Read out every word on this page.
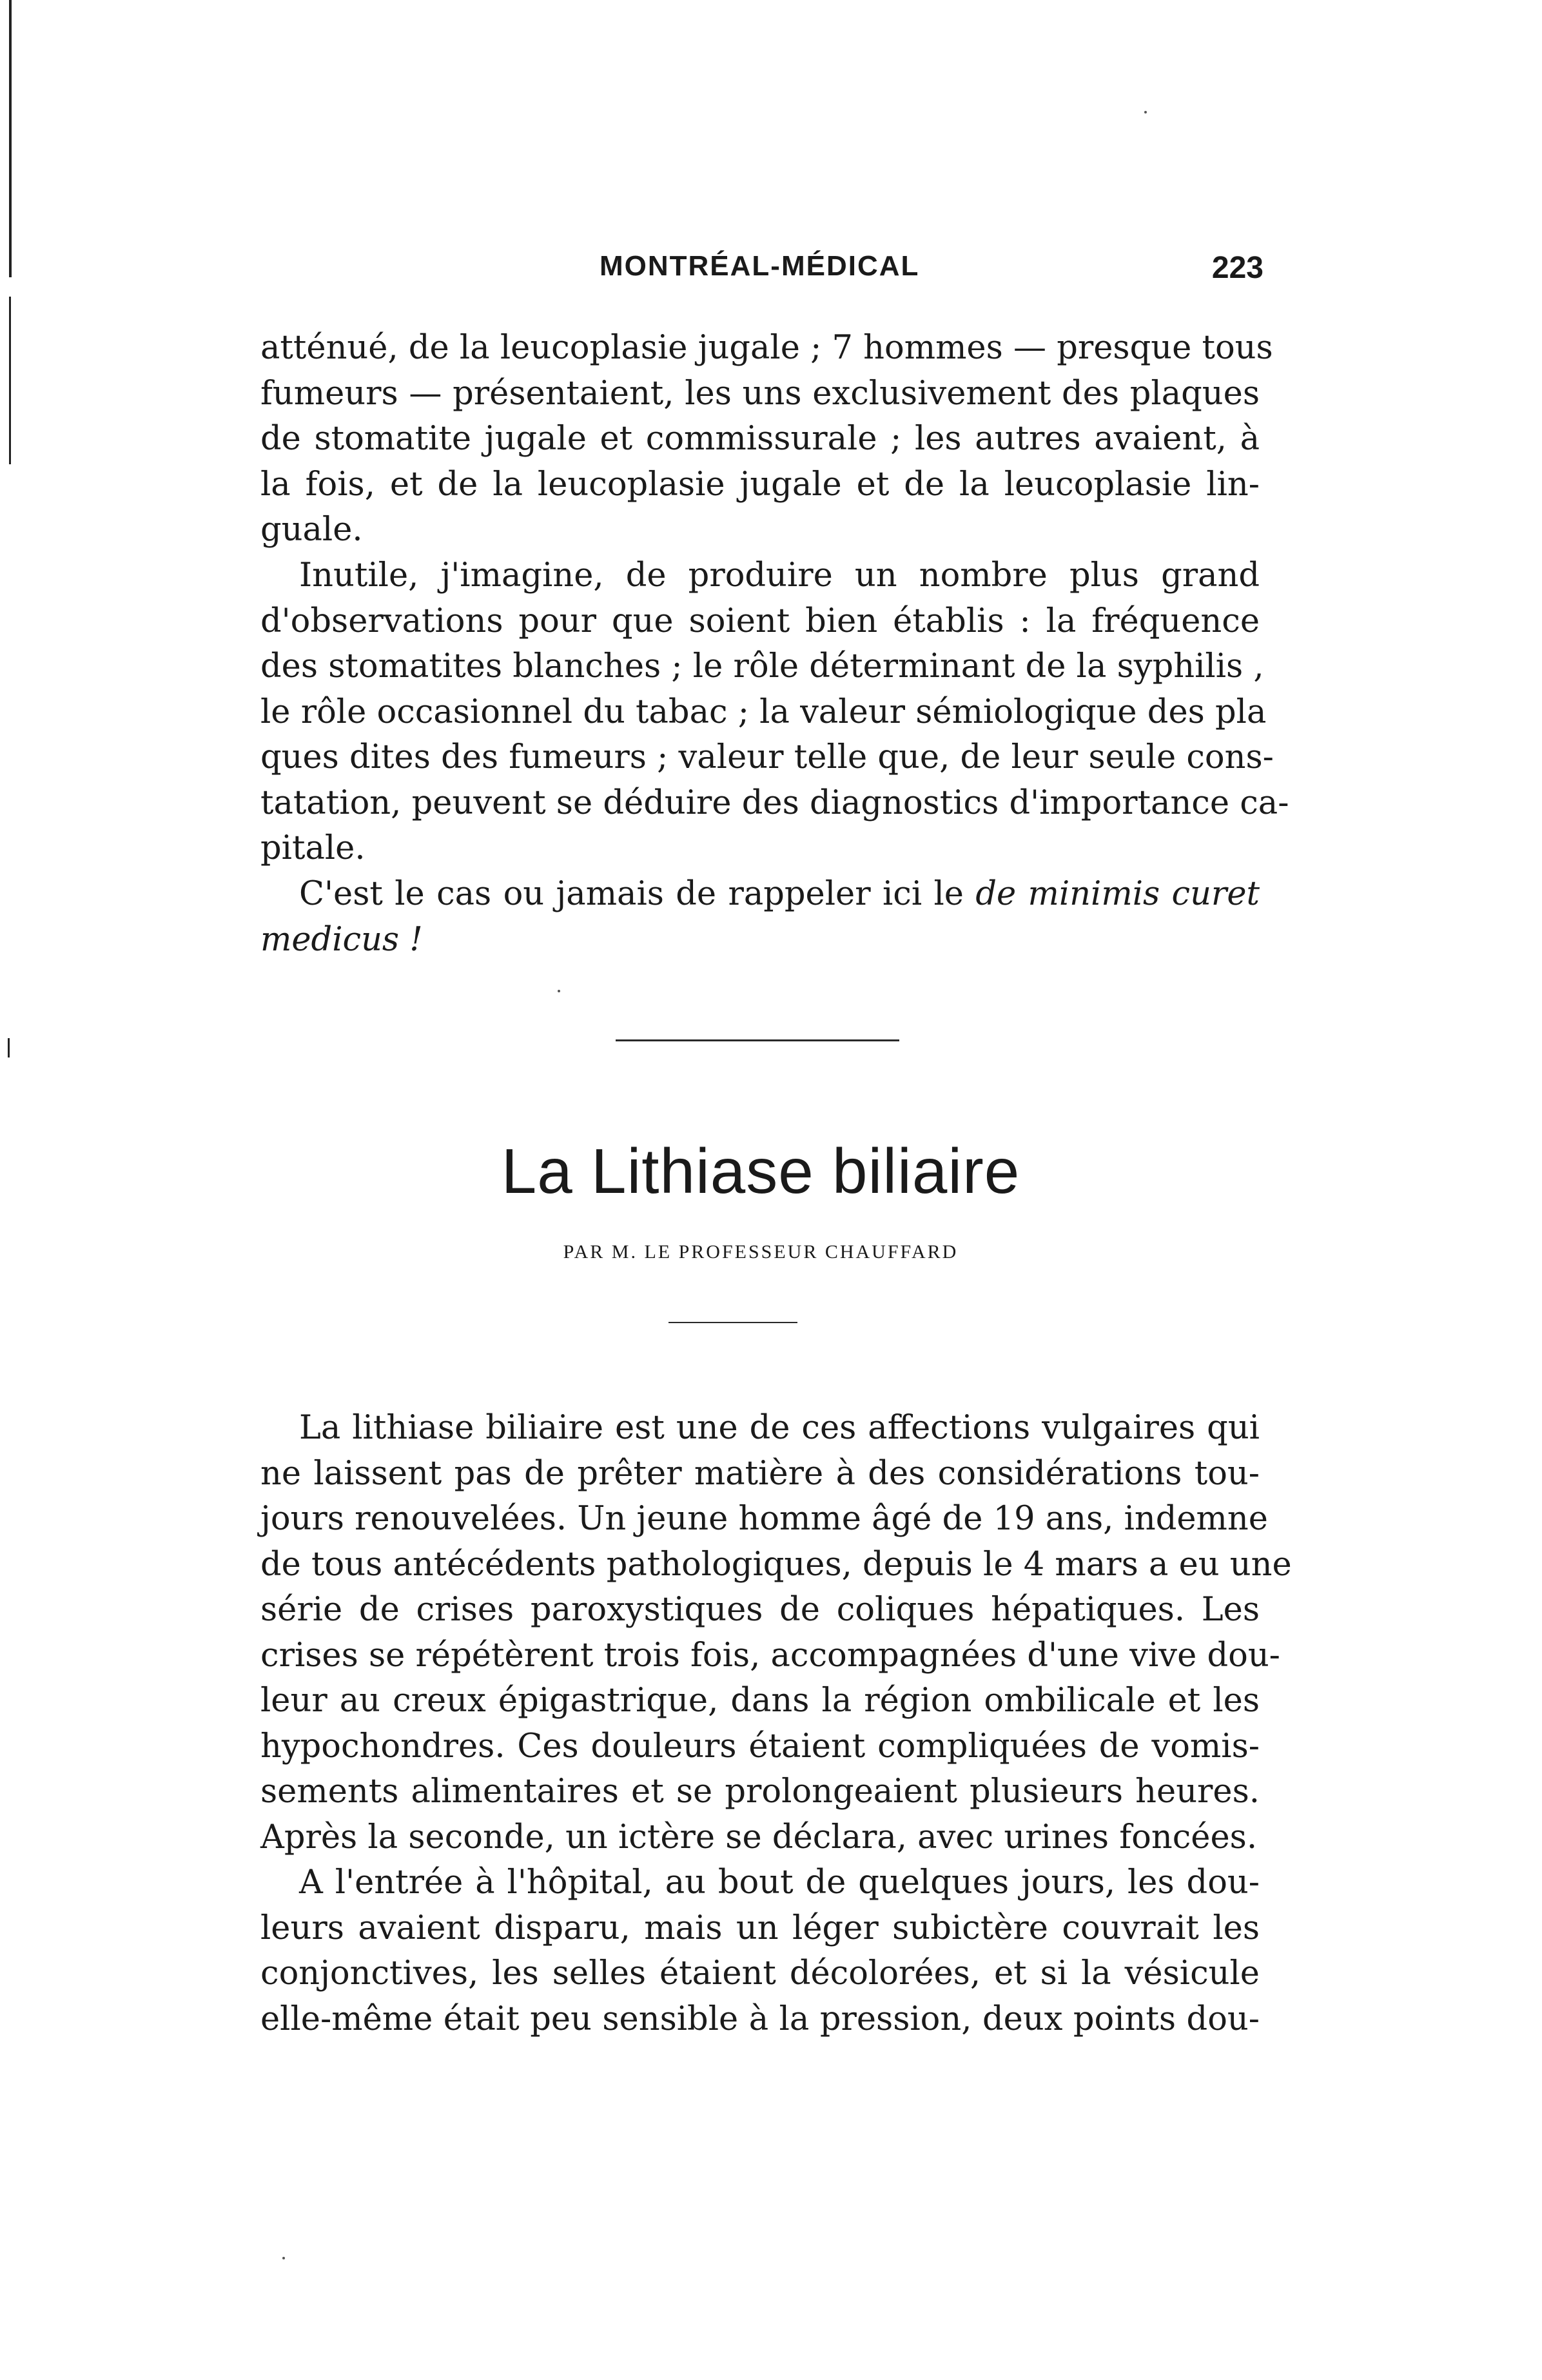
MONTRÉAL-MÉDICAL	223
atténué, de la leucoplasie jugale ; 7 hommes — presque tous
fumeurs — présentaient, les uns exclusivement des plaques
de stomatite jugale et commissurale ; les autres avaient, à
la fois, et de la leucoplasie jugale et de la leucoplasie lin-
guale.
Inutile, j'imagine, de produire un nombre plus grand
d'observations pour que soient bien établis : la fréquence
des stomatites blanches ; le rôle déterminant de la syphilis ,
le rôle occasionnel du tabac ; la valeur sémiologique des pla
ques dites des fumeurs ; valeur telle que, de leur seule cons-
tatation, peuvent se déduire des diagnostics d'importance ca-
pitale.
C'est le cas ou jamais de rappeler ici le de minimis curet
medicus !
La Lithiase biliaire
PAR M. LE PROFESSEUR CHAUFFARD
La lithiase biliaire est une de ces affections vulgaires qui
ne laissent pas de prêter matière à des considérations tou-
jours renouvelées. Un jeune homme âgé de 19 ans, indemne
de tous antécédents pathologiques, depuis le 4 mars a eu une
série de crises paroxystiques de coliques hépatiques. Les
crises se répétèrent trois fois, accompagnées d'une vive dou-
leur au creux épigastrique, dans la région ombilicale et les
hypochondres. Ces douleurs étaient compliquées de vomis-
sements alimentaires et se prolongeaient plusieurs heures.
Après la seconde, un ictère se déclara, avec urines foncées.
A l'entrée à l'hôpital, au bout de quelques jours, les dou-
leurs avaient disparu, mais un léger subictère couvrait les
conjonctives, les selles étaient décolorées, et si la vésicule
elle-même était peu sensible à la pression, deux points dou-
